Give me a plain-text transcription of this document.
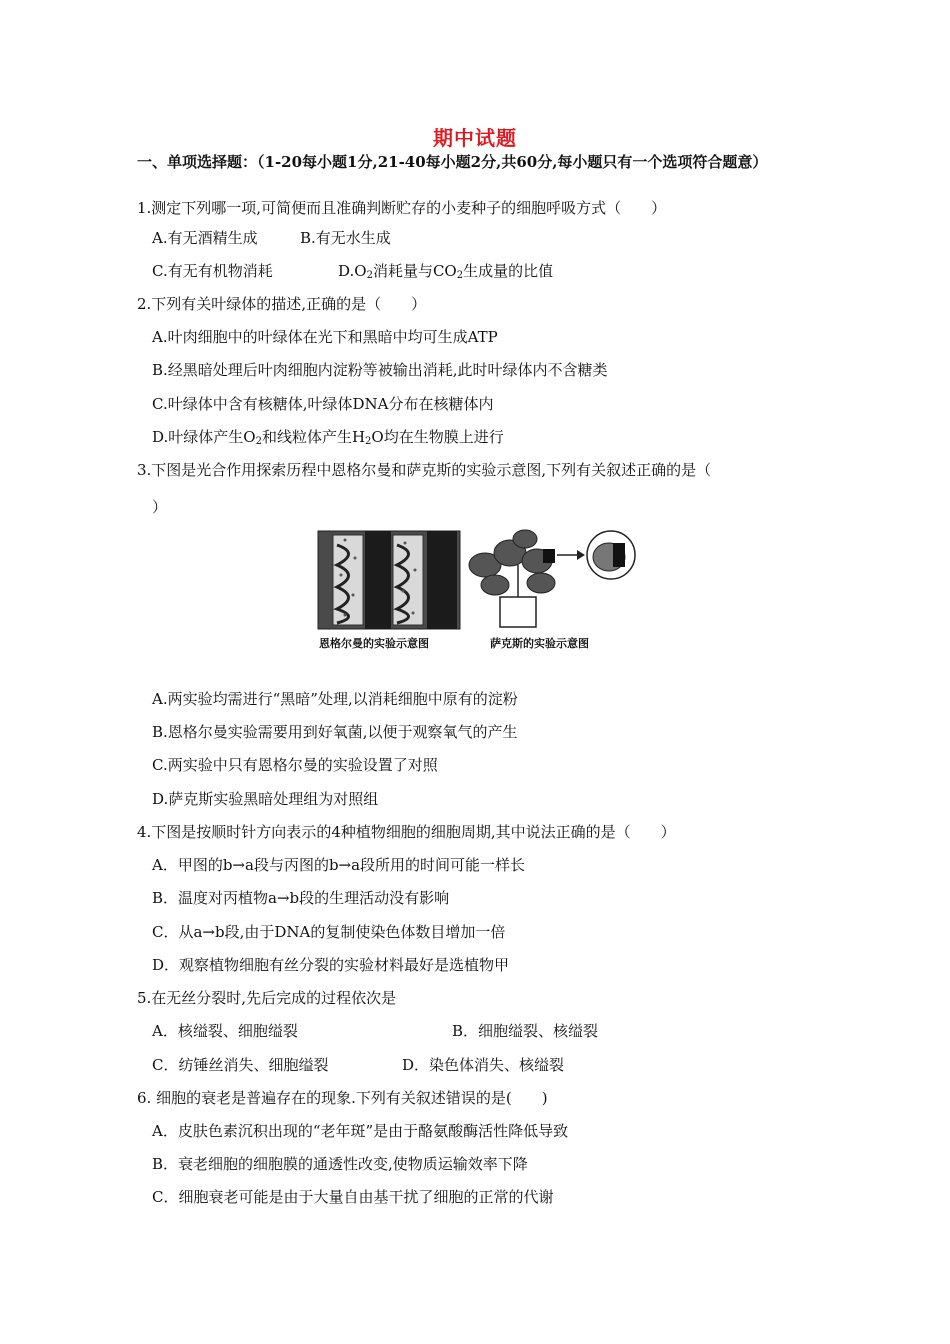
期中试题
一、单项选择题：（1-20每小题1分,21-40每小题2分,共60分,每小题只有一个选项符合题意）
1.测定下列哪一项,可简便而且准确判断贮存的小麦种子的细胞呼吸方式（　　）
A.有无酒精生成	B.有无水生成
C.有无有机物消耗	$D.O_2$消耗量与$CO_2$生成量的比值
2.下列有关叶绿体的描述,正确的是（　　）
A.叶肉细胞中的叶绿体在光下和黑暗中均可生成ATP
B.经黑暗处理后叶肉细胞内淀粉等被输出消耗,此时叶绿体内不含糖类
C.叶绿体中含有核糖体,叶绿体DNA分布在核糖体内
D.叶绿体产生$O_2$和线粒体产生$H_2O$均在生物膜上进行
3.下图是光合作用探索历程中恩格尔曼和萨克斯的实验示意图,下列有关叙述正确的是（
）
恩格尔曼的实验示意图	萨克斯的实验示意图
A.两实验均需进行“黑暗”处理,以消耗细胞中原有的淀粉
B.恩格尔曼实验需要用到好氧菌,以便于观察氧气的产生
C.两实验中只有恩格尔曼的实验设置了对照
D.萨克斯实验黑暗处理组为对照组
4.下图是按顺时针方向表示的4种植物细胞的细胞周期,其中说法正确的是（　　）
A．甲图的b→a段与丙图的b→a段所用的时间可能一样长
B．温度对丙植物a→b段的生理活动没有影响
C．从a→b段,由于DNA的复制使染色体数目增加一倍
D．观察植物细胞有丝分裂的实验材料最好是选植物甲
5.在无丝分裂时,先后完成的过程依次是
A．核缢裂、细胞缢裂	B．细胞缢裂、核缢裂
C．纺锤丝消失、细胞缢裂	D．染色体消失、核缢裂
6. 细胞的衰老是普遍存在的现象.下列有关叙述错误的是(　　)
A．皮肤色素沉积出现的“老年斑”是由于酪氨酸酶活性降低导致
B．衰老细胞的细胞膜的通透性改变,使物质运输效率下降
C．细胞衰老可能是由于大量自由基干扰了细胞的正常的代谢
